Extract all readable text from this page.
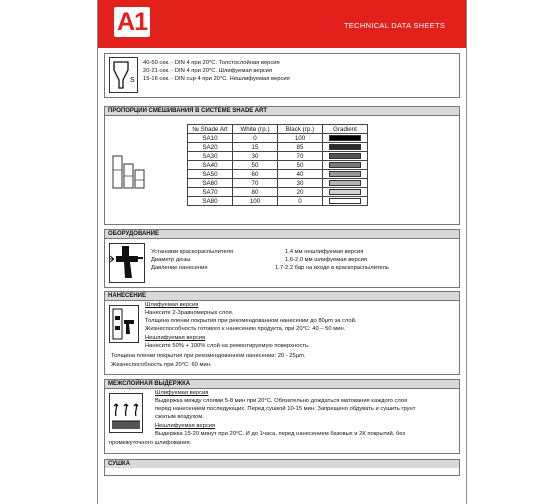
A1	TECHNICAL DATA SHEETS
S
40-50 сек. - DIN 4 при 20°C. Толстослойная версия
20-21 сек. - DIN 4 при 20°C. Шлифуемая версия
15-16 сек. - DIN cup 4 при 20°C. Нешлифуемая версия
ПРОПОРЦИИ СМЕШИВАНИЯ В СИСТЕМЕ SHADE ART
№ Shade Art	White (гр.)	Black (гр.)	Gradient
SA10	0	100	
SA20	15	85	
SA30	30	70	
SA40	50	50	
SA50	60	40	
SA60	70	30	
SA70	80	20	
SA80	100	0	
ОБОРУДОВАНИЕ
Установки краскораспылителя	1,4 мм нешлифуемая версия
Диаметр дюзы	1,6-2,0 мм шлифуемая версия
Давление нанесения	1.7-2.2 бар на входе в краскораспылитель
НАНЕСЕНИЕ
Шлифуемая версия
Нанесите 2-3равномерных слоя.
Толщина пленки покрытия при рекомендованном нанесении до 80µm за слой.
Жизнеспособность готового к нанесению продукта, при 20°C: 40 – 50 мин.
Нешлифуемая версия
Нанесите 50% + 100% слой на ремонтируемую поверхность.
Толщина пленки покрытия при рекомендованном нанесении: 20 - 25µm.
Жизнеспособность при 20°C: 60 мин.
МЕЖСЛОЙНАЯ ВЫДЕРЖКА
Шлифуемая версия
Выдержка между слоями 5-8 мин при 20°C. Обязательно дождаться матования каждого слоя
перед нанесением последующих. Перед сушкой 10-15 мин. Запрещено обдувать и сушить грунт
сжатым воздухом.
Нешлифуемая версия
Выдержка 15-20 минут при 20°C. И до 1часа, перед нанесением базовых и 2К покрытий, без
промежуточного шлифования.
СУШКА
